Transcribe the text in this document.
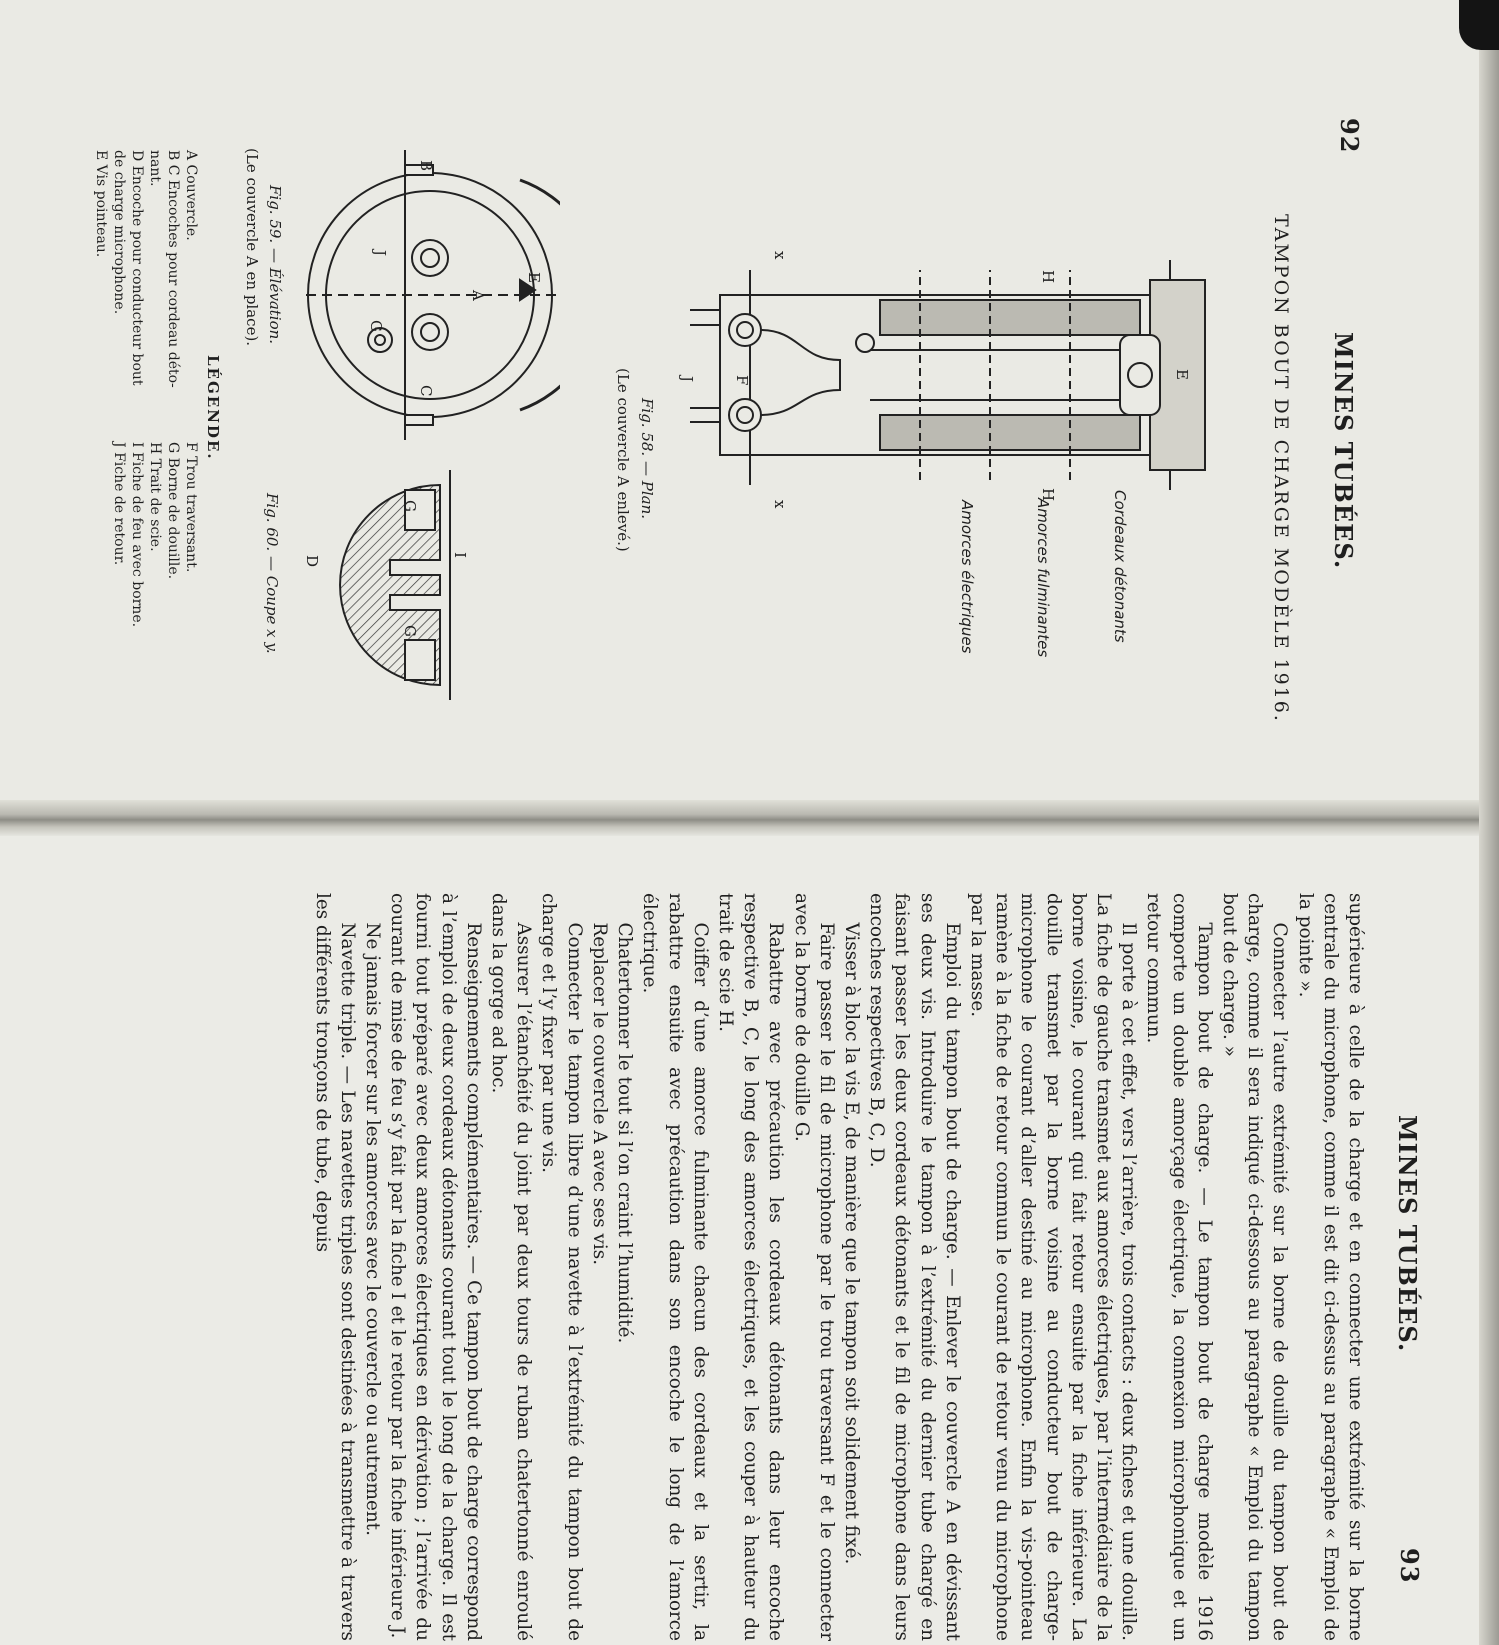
92
MINES TUBÉES.
TAMPON BOUT DE CHARGE MODÈLE 1916.
E
F
H
H
J
x
x	Cordeaux détonants
Amorces fulminantes
Amorces électriques
Fig. 58. — Plan.
(Le couvercle A enlevé.)
A
B
C
E
G
J
Fig. 59. — Élévation.
(Le couvercle A en place).
D
I
G
G
Fig. 60. — Coupe x y.
LÉGENDE.
A Couvercle.
B C Encoches pour cordeau déto-
nant.
D Encoche pour conducteur bout
de charge microphone.
E Vis pointeau.
F Trou traversant.
G Borne de douille.
H Trait de scie.
I Fiche de feu avec borne.
J Fiche de retour.
MINES TUBÉES.
93

supérieure à celle de la charge et en connecter une extrémité sur la borne centrale du microphone, comme il est dit ci-dessus au paragraphe « Emploi de la pointe ».

Connecter l’autre extrémité sur la borne de douille du tampon bout de charge, comme il sera indiqué ci-dessous au paragraphe « Emploi du tampon bout de charge. »

Tampon bout de charge. — Le tampon bout de charge modèle 1916 comporte un double amorçage électrique, la connexion microphonique et un retour commun.

Il porte à cet effet, vers l’arrière, trois contacts : deux fiches et une douille. La fiche de gauche transmet aux amorces électriques, par l’intermédiaire de la borne voisine, le courant qui fait retour ensuite par la fiche inférieure. La douille transmet par la borne voisine au conducteur bout de charge-microphone le courant d’aller destiné au microphone. Enfin la vis-pointeau ramène à la fiche de retour commun le courant de retour venu du microphone par la masse.

Emploi du tampon bout de charge. — Enlever le couvercle A en dévissant ses deux vis. Introduire le tampon à l’extrémité du dernier tube chargé en faisant passer les deux cordeaux détonants et le fil de microphone dans leurs encoches respectives B, C, D.

Visser à bloc la vis E, de manière que le tampon soit solidement fixé.

Faire passer le fil de microphone par le trou traversant F et le connecter avec la borne de douille G.

Rabattre avec précaution les cordeaux détonants dans leur encoche respective B, C, le long des amorces électriques, et les couper à hauteur du trait de scie H.

Coiffer d’une amorce fulminante chacun des cordeaux et la sertir, la rabattre ensuite avec précaution dans son encoche le long de l’amorce électrique.

Chatertonner le tout si l’on craint l’humidité.

Replacer le couvercle A avec ses vis.

Connecter le tampon libre d’une navette à l’extrémité du tampon bout de charge et l’y fixer par une vis.

Assurer l’étanchéité du joint par deux tours de ruban chatertonné enroulé dans la gorge ad hoc.

Renseignements complémentaires. — Ce tampon bout de charge correspond à l’emploi de deux cordeaux détonants courant tout le long de la charge. Il est fourni tout préparé avec deux amorces électriques en dérivation ; l’arrivée du courant de mise de feu s’y fait par la fiche I et le retour par la fiche inférieure J.

Ne jamais forcer sur les amorces avec le couvercle ou autrement.

Navette triple. — Les navettes triples sont destinées à transmettre à travers les différents tronçons de tube, depuis
